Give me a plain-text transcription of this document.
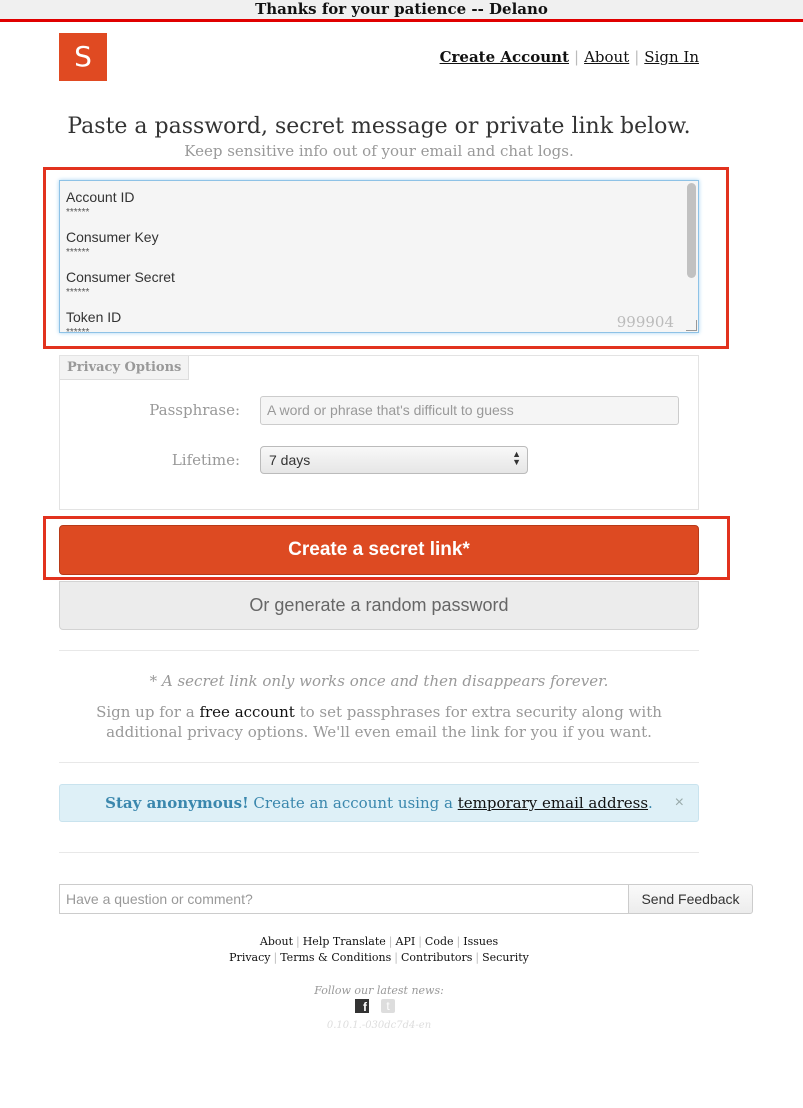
Thanks for your patience -- Delano
S	Create Account | About | Sign In
Paste a password, secret message or private link below.
Keep sensitive info out of your email and chat logs.
Account ID
******
Consumer Key
******
Consumer Secret
******
Token ID
******
999904
Privacy Options
Passphrase:	A word or phrase that's difficult to guess
Lifetime:	7 days	▲
▼
Create a secret link*
Or generate a random password
* A secret link only works once and then disappears forever.
Sign up for a free account to set passphrases for extra security along with additional privacy options. We'll even email the link for you if you want.
Stay anonymous! Create an account using a temporary email address. ×
Have a question or comment?	Send Feedback
About | Help Translate | API | Code | Issues
Privacy | Terms & Conditions | Contributors | Security
Follow our latest news:
f	t
0.10.1.-030dc7d4-en
